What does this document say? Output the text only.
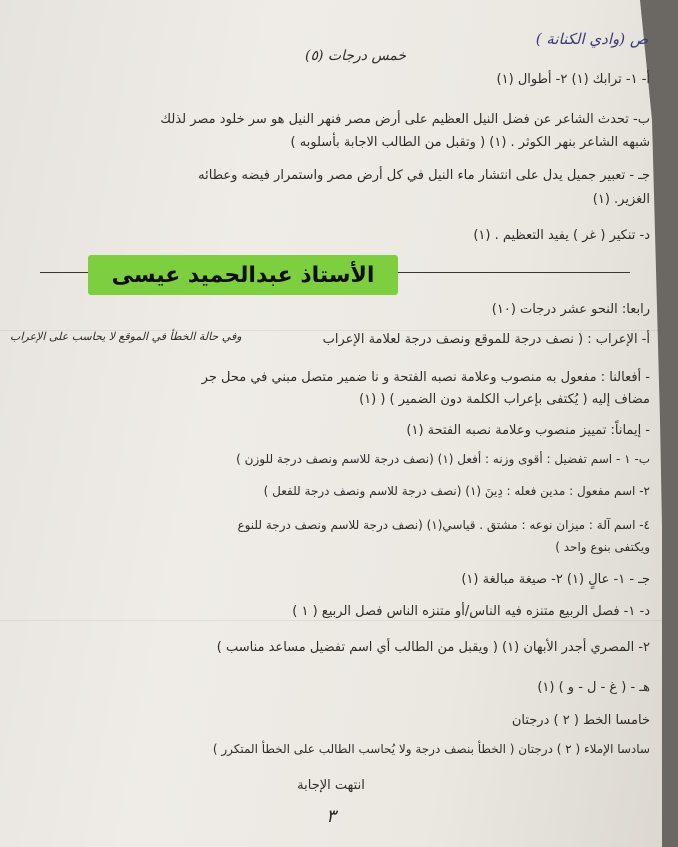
ص (وادي الكنانة )
خمس درجات (٥)
أ- ١- ترابك (١) ٢- أطوال (١)
ب- تحدث الشاعر عن فضل النيل العظيم على أرض مصر فنهر النيل هو سر خلود مصر لذلك
شبهه الشاعر بنهر الكوثر . (١) ( وتقبل من الطالب الاجابة بأسلوبه )
جـ - تعبير جميل يدل على انتشار ماء النيل في كل أرض مصر واستمرار فيضه وعطائه
الغزير. (١)
د- تنكير ( غر ) يفيد التعظيم . (١)
الأستاذ عبدالحميد عيسى
رابعا: النحو عشر درجات (١٠)
أ- الإعراب : ( نصف درجة للموقع ونصف درجة لعلامة الإعراب
وفي حالة الخطأ في الموقع لا يحاسب على الإعراب
- أفعالنا : مفعول به منصوب وعلامة نصبه الفتحة و نا ضمير متصل مبني في محل جر
مضاف إليه ( يُكتفى بإعراب الكلمة دون الضمير ) ( (١)
- إيماناً: تمييز منصوب وعلامة نصبه الفتحة (١)
ب- ١ - اسم تفضيل : أقوى وزنه : أفعل (١) (نصف درجة للاسم ونصف درجة للوزن )
٢- اسم مفعول : مدين فعله : دِينَ (١) (نصف درجة للاسم ونصف درجة للفعل )
٤- اسم آلة : ميزان نوعه : مشتق . قياسي(١) (نصف درجة للاسم ونصف درجة للنوع
ويكتفى بنوع واحد )
جـ - ١- عالٍ (١) ٢- صيغة مبالغة (١)
د- ١- فصل الربيع متنزه فيه الناس/أو متنزه الناس فصل الربيع ( ١ )
٢- المصري أجدر الأبهان (١) ( ويقبل من الطالب أي اسم تفضيل مساعد مناسب )
هـ - ( غ - ل - و ) (١)
خامسا الخط ( ٢ ) درجتان
سادسا الإملاء ( ٢ ) درجتان ( الخطأ بنصف درجة ولا يُحاسب الطالب على الخطأ المتكرر )
انتهت الإجابة
٣
